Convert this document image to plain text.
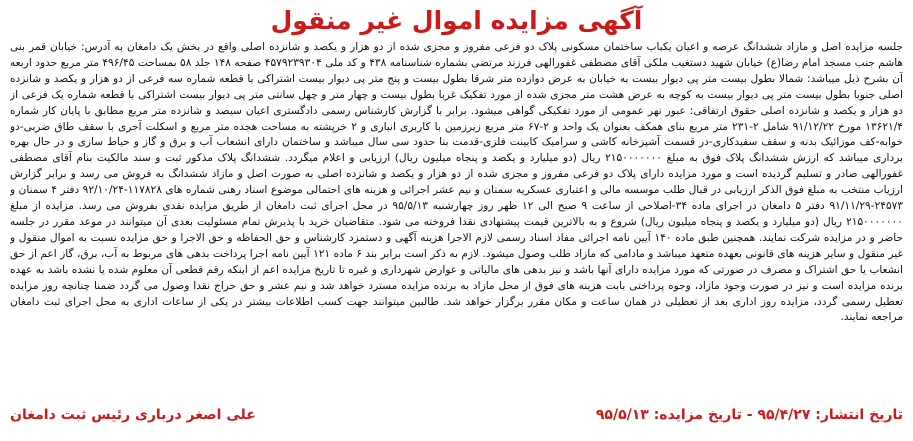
آگهی مزایده اموال غیر منقول

جلسه مزایده اصل و مازاد ششدانگ عرصه و اعیان یکباب ساختمان مسکونی پلاک دو فرعی مفروز و مجزی شده از دو هزار و یکصد و شانزده اصلی واقع در بخش یک دامغان به آدرس: خیابان قمر بنی هاشم جنب مسجد امام رضا(ع) خیابان شهید دستغیب ملکی آقای مصطفی غفورالهی فرزند مرتضی بشماره شناسنامه ۴۳۸ و کد ملی ۴۵۷۹۲۳۹۳۰۴ صفحه ۱۴۸ جلد ۵۸ بمساحت ۴۹۶/۴۵ متر مربع حدود اربعه آن بشرح ذیل میباشد: شمالا بطول بیست متر پی دیوار بیست به خیابان به عرض دوازده متر شرقا بطول بیست و پنج متر پی دیوار بیست اشتراکی با قطعه شماره سه فرعی از دو هزار و یکصد و شانزده اصلی جنوبا بطول بیست متر پی دیوار بیست به کوچه به عرض هشت متر مجزی شده از مورد تفکیک غربا بطول بیست و چهار متر و چهل سانتی متر پی دیوار بیست اشتراکی با قطعه شماره یک فرعی از دو هزار و یکصد و شانزده اصلی حقوق ارتفاقی: عبور نهر عمومی از مورد تفکیکی گواهی میشود. برابر با گزارش کارشناس رسمی دادگستری اعیان سیصد و شانزده متر مربع مطابق با پایان کار شماره ۱۳۶۲۱/۴ مورخ ۹۱/۱۲/۲۲ شامل ۲-۲۳۱ متر مربع بنای همکف بعنوان یک واحد و ۲-۶۷ متر مربع زیرزمین با کاربری انباری و ۲ خرپشته به مساحت هجده متر مربع و اسکلت آجری با سقف طاق ضربی-دو خوابه-کف موزائیک بدنه و سقف سفیدکاری-در قسمت آشپزخانه کاشی و سرامیک کابینت فلزی-قدمت بنا حدود سی سال میباشد و ساختمان دارای انشعاب آب و برق و گاز و حیاط سازی و در حال بهره برداری میباشد که ارزش ششدانگ پلاک فوق به مبلغ ۲۱۵۰۰۰۰۰۰۰ ریال (دو میلیارد و یکصد و پنجاه میلیون ریال) ارزیابی و اعلام میگردد. ششدانگ پلاک مذکور ثبت و سند مالکیت بنام آقای مصطفی غفورالهی صادر و تسلیم گردیده است و مورد مزایده دارای پلاک دو فرعی مفروز و مجزی شده از دو هزار و یکصد و شانزده اصلی به صورت اصل و مازاد ششدانگ به فروش می رسد و برابر گزارش ارزیاب منتخب به مبلغ فوق الذکر ارزیابی در قبال طلب موسسه مالی و اعتباری عسکریه سمنان و نیم عشر اجرائی و هزینه های احتمالی موضوع اسناد رهنی شماره های ۱۱۷۸۲۸-۹۲/۱۰/۲۴ دفتر ۴ سمنان و ۲۴۵۷۳-۹۱/۱۱/۲۹ دفتر ۵ دامغان در اجرای ماده ۳۴-اصلاحی از ساعت ۹ صبح الی ۱۲ ظهر روز چهارشنبه ۹۵/۵/۱۳ در محل اجرای ثبت دامغان از طریق مزایده نقدی بفروش می رسد. مزایده از مبلغ ۲۱۵۰۰۰۰۰۰۰ ریال (دو میلیارد و یکصد و پنجاه میلیون ریال) شروع و به بالاترین قیمت پیشنهادی نقدا فروخته می شود. متقاضیان خرید با پذیرش تمام مسئولیت بعدی آن میتوانند در موعد مقرر در جلسه حاضر و در مزایده شرکت نمایند. همچنین طبق ماده ۱۴۰ آیین نامه اجرائی مفاد اسناد رسمی لازم الاجرا هزینه آگهی و دستمزد کارشناس و حق الحفاظه و حق الاجرا و حق مزایده نسبت به اموال منقول و غیر منقول و سایر هزینه های قانونی بعهده متعهد میباشد و مادامی که مازاد طلب وصول میشود. لازم به ذکر است برابر بند ۶ ماده ۱۲۱ آیین نامه اجرا پرداخت بدهی های مربوط به آب، برق، گاز اعم از حق انشعاب یا حق اشتراک و مصرف در صورتی که مورد مزایده دارای آنها باشد و نیز بدهی های مالیاتی و عوارض شهرداری و غیره تا تاریخ مزایده اعم از اینکه رقم قطعی آن معلوم شده یا نشده باشد به عهده برنده مزایده است و نیز در صورت وجود مازاد، وجوه پرداختی بابت هزینه های فوق از محل مازاد به برنده مزایده مسترد خواهد شد و نیم عشر و حق حراج نقدا وصول می گردد ضمنا چنانچه روز مزایده تعطیل رسمی گردد، مزایده روز اداری بعد از تعطیلی در همان ساعت و مکان مقرر برگزار خواهد شد. طالبین میتوانند جهت کسب اطلاعات بیشتر در یکی از ساعات اداری به محل اجرای ثبت دامغان مراجعه نمایند.

تاریخ انتشار: ۹۵/۴/۲۷ - تاریخ مزایده: ۹۵/۵/۱۳
علی اصغر درباری رئیس ثبت دامغان
